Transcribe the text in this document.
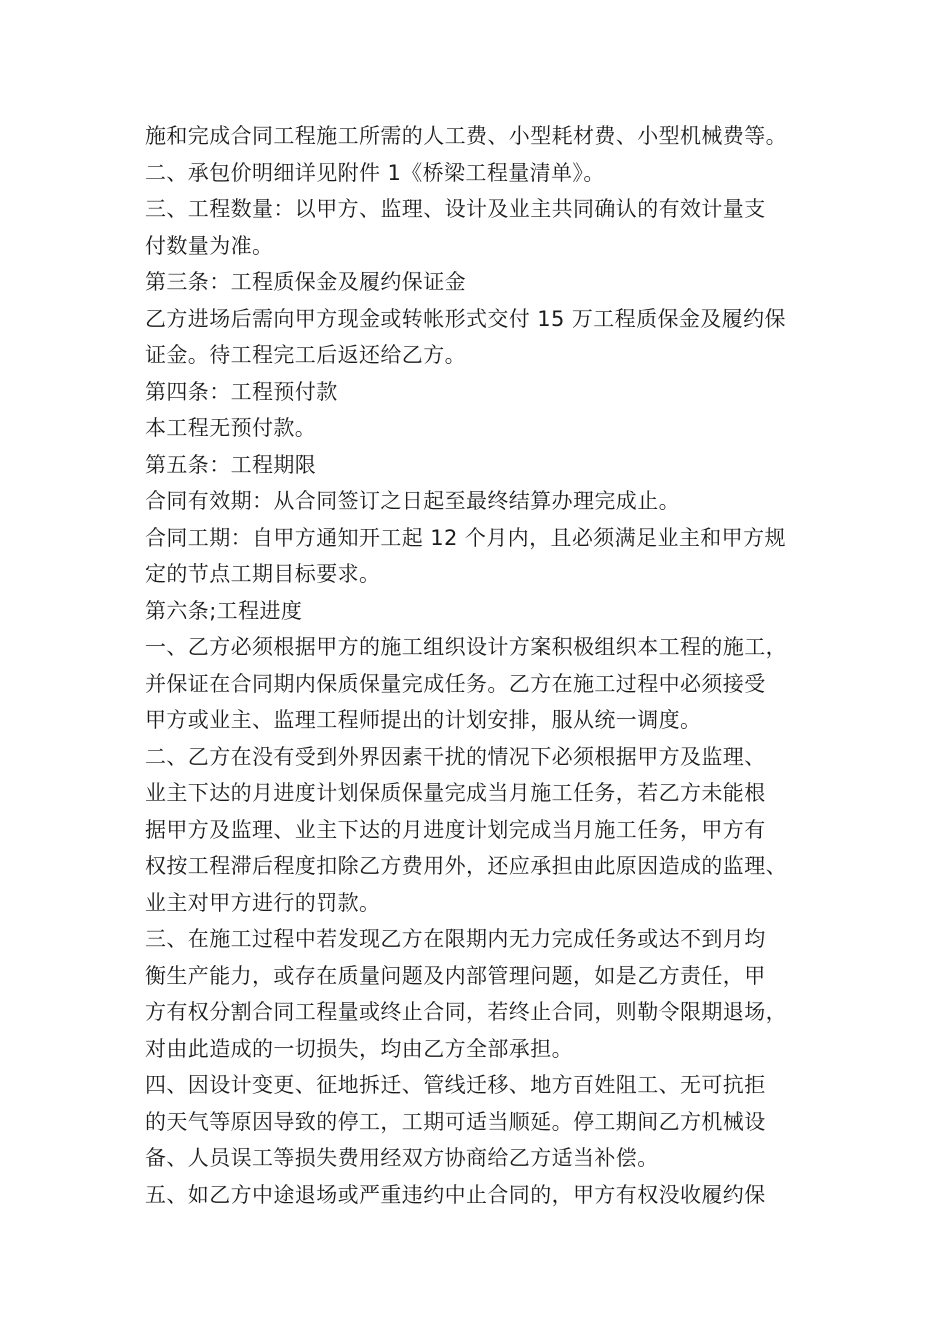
施和完成合同工程施工所需的人工费、小型耗材费、小型机械费等。
二、承包价明细详见附件 1《桥梁工程量清单》。
三、工程数量：以甲方、监理、设计及业主共同确认的有效计量支
付数量为准。
第三条：工程质保金及履约保证金
乙方进场后需向甲方现金或转帐形式交付 15 万工程质保金及履约保
证金。待工程完工后返还给乙方。
第四条：工程预付款
本工程无预付款。
第五条：工程期限
合同有效期：从合同签订之日起至最终结算办理完成止。
合同工期：自甲方通知开工起 12 个月内，且必须满足业主和甲方规
定的节点工期目标要求。
第六条;工程进度
一、乙方必须根据甲方的施工组织设计方案积极组织本工程的施工，
并保证在合同期内保质保量完成任务。乙方在施工过程中必须接受
甲方或业主、监理工程师提出的计划安排，服从统一调度。
二、乙方在没有受到外界因素干扰的情况下必须根据甲方及监理、
业主下达的月进度计划保质保量完成当月施工任务，若乙方未能根
据甲方及监理、业主下达的月进度计划完成当月施工任务，甲方有
权按工程滞后程度扣除乙方费用外，还应承担由此原因造成的监理、
业主对甲方进行的罚款。
三、在施工过程中若发现乙方在限期内无力完成任务或达不到月均
衡生产能力，或存在质量问题及内部管理问题，如是乙方责任，甲
方有权分割合同工程量或终止合同，若终止合同，则勒令限期退场，
对由此造成的一切损失，均由乙方全部承担。
四、因设计变更、征地拆迁、管线迁移、地方百姓阻工、无可抗拒
的天气等原因导致的停工，工期可适当顺延。停工期间乙方机械设
备、人员误工等损失费用经双方协商给乙方适当补偿。
五、如乙方中途退场或严重违约中止合同的，甲方有权没收履约保
